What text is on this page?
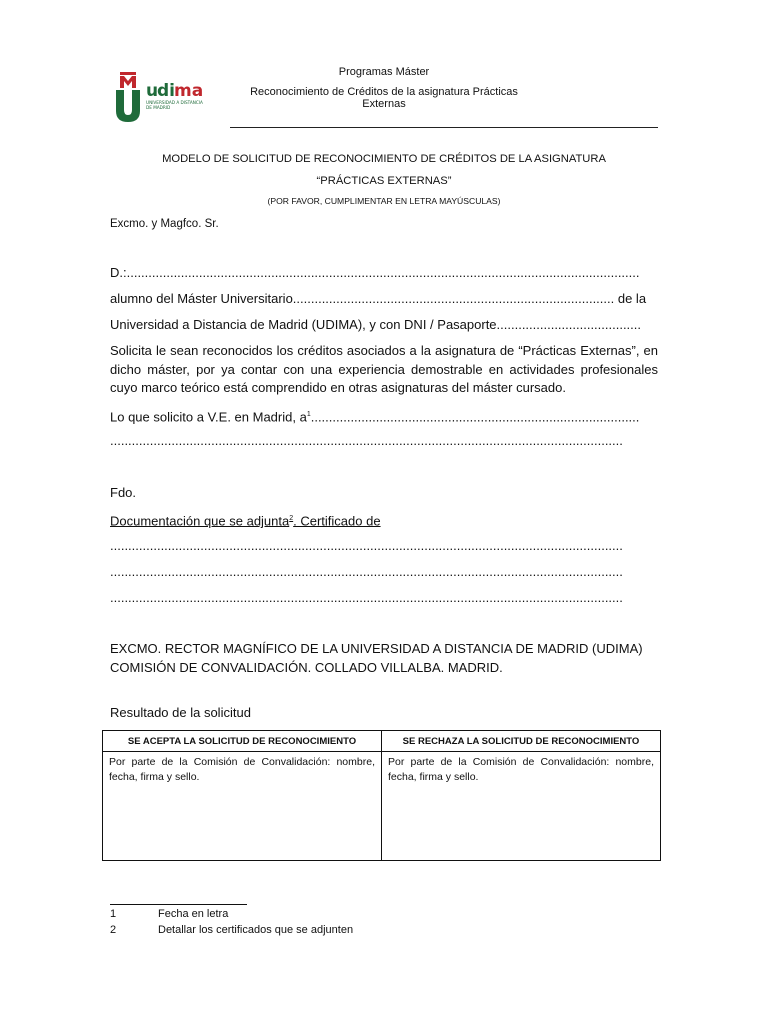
u
di ma
UNIVERSIDAD A DISTANCIA
DE MADRID
Programas Máster
Reconocimiento de Créditos de la asignatura Prácticas Externas
MODELO DE SOLICITUD DE RECONOCIMIENTO DE CRÉDITOS DE LA ASIGNATURA
“PRÁCTICAS EXTERNAS”
(POR FAVOR, CUMPLIMENTAR EN LETRA MAYÚSCULAS)
Excmo. y Magfco. Sr.
D.:..............................................................................................................................................
alumno del Máster Universitario......................................................................................... de la
Universidad a Distancia de Madrid (UDIMA), y con DNI / Pasaporte........................................
Solicita le sean reconocidos los créditos asociados a la asignatura de “Prácticas Externas”, en dicho máster, por ya contar con una experiencia demostrable en actividades profesionales cuyo marco teórico está comprendido en otras asignaturas del máster cursado.
Lo que solicito a V.E. en Madrid, $a^1$...........................................................................................
..............................................................................................................................................
Fdo.
Documentación que se adjunta$^2$. Certificado de
..............................................................................................................................................
..............................................................................................................................................
..............................................................................................................................................
EXCMO. RECTOR MAGNÍFICO DE LA UNIVERSIDAD A DISTANCIA DE MADRID (UDIMA)
COMISIÓN DE CONVALIDACIÓN. COLLADO VILLALBA. MADRID.
Resultado de la solicitud
SE ACEPTA LA SOLICITUD DE RECONOCIMIENTO	SE RECHAZA LA SOLICITUD DE RECONOCIMIENTO
Por parte de la Comisión de Convalidación: nombre, fecha, firma y sello.	Por parte de la Comisión de Convalidación: nombre, fecha, firma y sello.
1	Fecha en letra
2	Detallar los certificados que se adjunten
